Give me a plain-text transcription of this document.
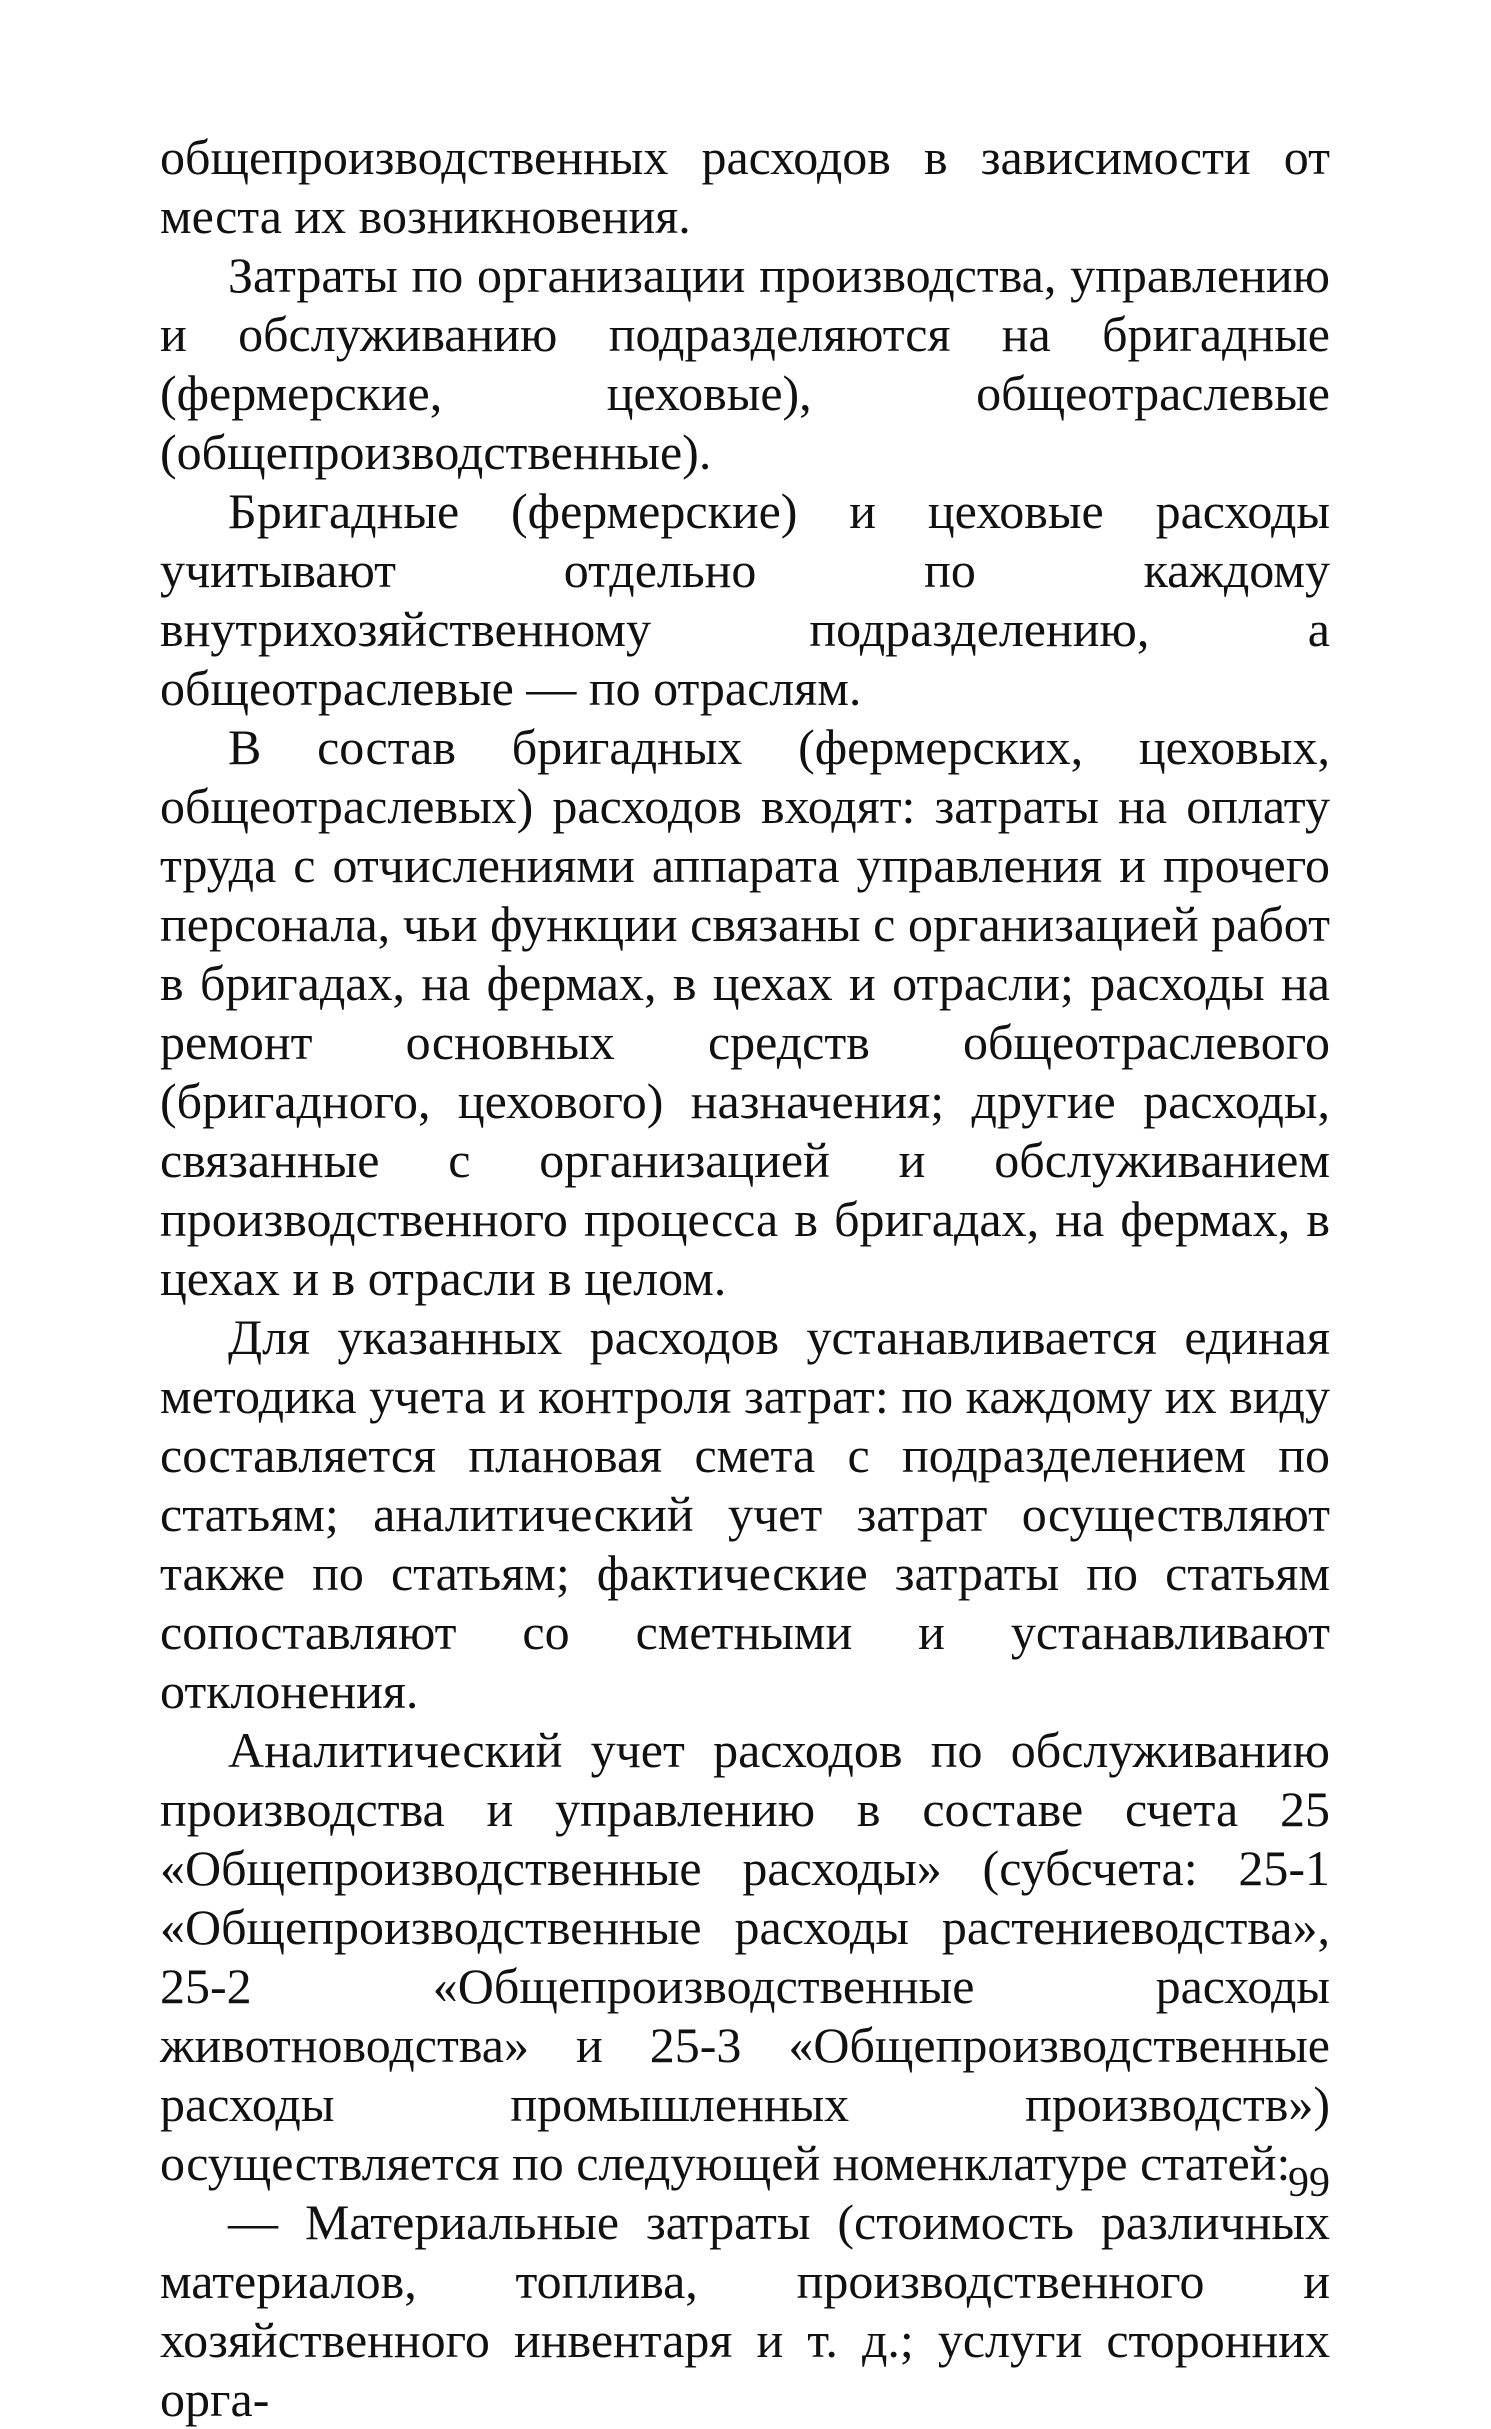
общепроизводственных расходов в зависимости от места их возникновения.

Затраты по организации производства, управлению и обслуживанию подразделяются на бригадные (фермерские, цеховые), общеотраслевые (общепроизводственные).

Бригадные (фермерские) и цеховые расходы учитывают отдельно по каждому внутрихозяйственному подразделению, а общеотраслевые — по отраслям.

В состав бригадных (фермерских, цеховых, общеотраслевых) расходов входят: затраты на оплату труда с отчислениями аппарата управления и прочего персонала, чьи функции связаны с организацией работ в бригадах, на фермах, в цехах и отрасли; расходы на ремонт основных средств общеотраслевого (бригадного, цехового) назначения; другие расходы, связанные с организацией и обслуживанием производственного процесса в бригадах, на фермах, в цехах и в отрасли в целом.

Для указанных расходов устанавливается единая методика учета и контроля затрат: по каждому их виду составляется плановая смета с подразделением по статьям; аналитический учет затрат осуществляют также по статьям; фактические затраты по статьям сопоставляют со сметными и устанавливают отклонения.

Аналитический учет расходов по обслуживанию производства и управлению в составе счета 25 «Общепроизводственные расходы» (субсчета: 25-1 «Общепроизводственные расходы растениеводства», 25-2 «Общепроизводственные расходы животноводства» и 25-3 «Общепроизводственные расходы промышленных производств») осуществляется по следующей номенклатуре статей:

— Материальные затраты (стоимость различных материалов, топлива, производственного и хозяйственного инвентаря и т. д.; услуги сторонних орга-

99
